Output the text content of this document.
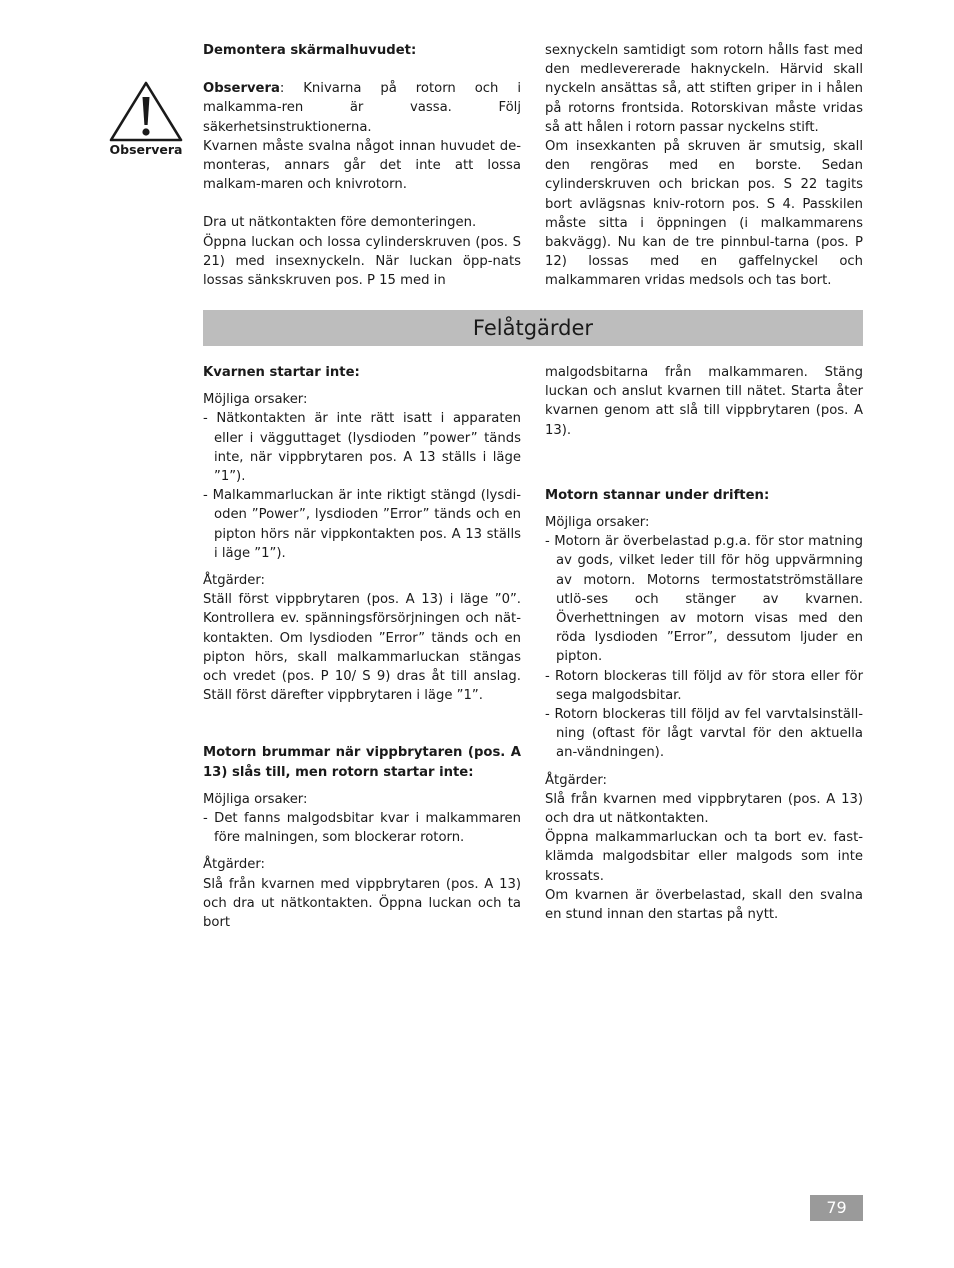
Observera

Demontera skärmalhuvudet:

Observera: Knivarna på rotorn och i malkamma-ren är vassa. Följ säkerhetsinstruktionerna.

Kvarnen måste svalna något innan huvudet de-monteras, annars går det inte att lossa malkam-maren och knivrotorn.

Dra ut nätkontakten före demonteringen.

Öppna luckan och lossa cylinderskruven (pos. S 21) med insexnyckeln. När luckan öpp-nats lossas sänkskruven pos. P 15 med in

sexnyckeln samtidigt som rotorn hålls fast med den medlevererade haknyckeln. Härvid skall nyckeln ansättas så, att stiften griper in i hålen på rotorns frontsida. Rotorskivan måste vridas så att hålen i rotorn passar nyckelns stift.

Om insexkanten på skruven är smutsig, skall den rengöras med en borste. Sedan cylinderskruven och brickan pos. S 22 tagits bort avlägsnas kniv-rotorn pos. S 4. Passkilen måste sitta i öppningen (i malkammarens bakvägg). Nu kan de tre pinnbul-tarna (pos. P 12) lossas med en gaffelnyckel och malkammaren vridas medsols och tas bort.

Felåtgärder

Kvarnen startar inte:

Möjliga orsaker:

- Nätkontakten är inte rätt isatt i apparaten eller i vägguttaget (lysdioden ”power” tänds inte, när vippbrytaren pos. A 13 ställs i läge ”1”).
- Malkammarluckan är inte riktigt stängd (lysdi-oden ”Power”, lysdioden ”Error” tänds och en pipton hörs när vippkontakten pos. A 13 ställs i läge ”1”).

Åtgärder:

Ställ först vippbrytaren (pos. A 13) i läge ”0”. Kontrollera ev. spänningsförsörjningen och nät-kontakten. Om lysdioden ”Error” tänds och en pipton hörs, skall malkammarluckan stängas och vredet (pos. P 10/ S 9) dras åt till anslag. Ställ först därefter vippbrytaren i läge ”1”.

Motorn brummar när vippbrytaren (pos. A 13) slås till, men rotorn startar inte:

Möjliga orsaker:

- Det fanns malgodsbitar kvar i malkammaren före malningen, som blockerar rotorn.

Åtgärder:

Slå från kvarnen med vippbrytaren (pos. A 13) och dra ut nätkontakten. Öppna luckan och ta bort

malgodsbitarna från malkammaren. Stäng luckan och anslut kvarnen till nätet. Starta åter kvarnen genom att slå till vippbrytaren (pos. A 13).

Motorn stannar under driften:

Möjliga orsaker:

- Motorn är överbelastad p.g.a. för stor matning av gods, vilket leder till för hög uppvärmning av motorn. Motorns termostatströmställare utlö-ses och stänger av kvarnen. Överhettningen av motorn visas med den röda lysdioden ”Error”, dessutom ljuder en pipton.
- Rotorn blockeras till följd av för stora eller för sega malgodsbitar.
- Rotorn blockeras till följd av fel varvtalsinställ-ning (oftast för lågt varvtal för den aktuella an-vändningen).

Åtgärder:

Slå från kvarnen med vippbrytaren (pos. A 13) och dra ut nätkontakten.

Öppna malkammarluckan och ta bort ev. fast-klämda malgodsbitar eller malgods som inte krossats.

Om kvarnen är överbelastad, skall den svalna en stund innan den startas på nytt.

79
